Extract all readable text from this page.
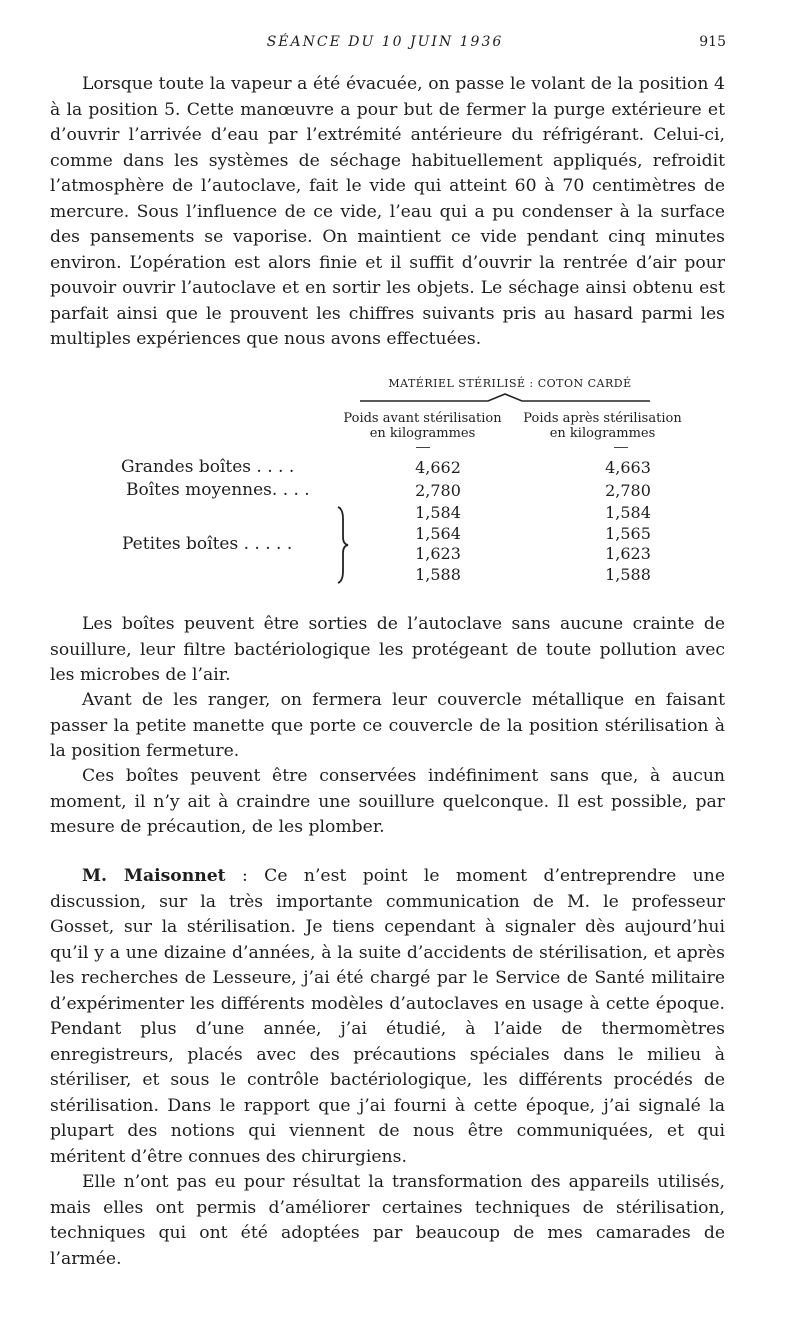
SÉANCE DU 10 JUIN 1936	915

Lorsque toute la vapeur a été évacuée, on passe le volant de la position 4 à la position 5. Cette manœuvre a pour but de fermer la purge extérieure et d’ouvrir l’arrivée d’eau par l’extrémité antérieure du réfrigérant. Celui-ci, comme dans les systèmes de séchage habituellement appliqués, refroidit l’atmosphère de l’autoclave, fait le vide qui atteint 60 à 70 centimètres de mercure. Sous l’influence de ce vide, l’eau qui a pu condenser à la surface des pansements se vaporise. On maintient ce vide pendant cinq minutes environ. L’opération est alors finie et il suffit d’ouvrir la rentrée d’air pour pouvoir ouvrir l’autoclave et en sortir les objets. Le séchage ainsi obtenu est parfait ainsi que le prouvent les chiffres suivants pris au hasard parmi les multiples expériences que nous avons effectuées.

MATÉRIEL STÉRILISÉ : COTON CARDÉ
Poids avant stérilisation en kilogrammes
Poids après stérilisation en kilogrammes
Grandes boîtes . . . .	4,662	4,663
Boîtes moyennes. . . .	2,780	2,780
Petites boîtes . . . . .
1,584	1,584
1,564	1,565
1,623	1,623
1,588	1,588

Les boîtes peuvent être sorties de l’autoclave sans aucune crainte de souillure, leur filtre bactériologique les protégeant de toute pollution avec les microbes de l’air.

Avant de les ranger, on fermera leur couvercle métallique en faisant passer la petite manette que porte ce couvercle de la position stérilisation à la position fermeture.

Ces boîtes peuvent être conservées indéfiniment sans que, à aucun moment, il n’y ait à craindre une souillure quelconque. Il est possible, par mesure de précaution, de les plomber.

M. Maisonnet : Ce n’est point le moment d’entreprendre une discussion, sur la très importante communication de M. le professeur Gosset, sur la stérilisation. Je tiens cependant à signaler dès aujourd’hui qu’il y a une dizaine d’années, à la suite d’accidents de stérilisation, et après les recherches de Lesseure, j’ai été chargé par le Service de Santé militaire d’expérimenter les différents modèles d’autoclaves en usage à cette époque. Pendant plus d’une année, j’ai étudié, à l’aide de thermomètres enregistreurs, placés avec des précautions spéciales dans le milieu à stériliser, et sous le contrôle bactériologique, les différents procédés de stérilisation. Dans le rapport que j’ai fourni à cette époque, j’ai signalé la plupart des notions qui viennent de nous être communiquées, et qui méritent d’être connues des chirurgiens.

Elle n’ont pas eu pour résultat la transformation des appareils utilisés, mais elles ont permis d’améliorer certaines techniques de stérilisation, techniques qui ont été adoptées par beaucoup de mes camarades de l’armée.
